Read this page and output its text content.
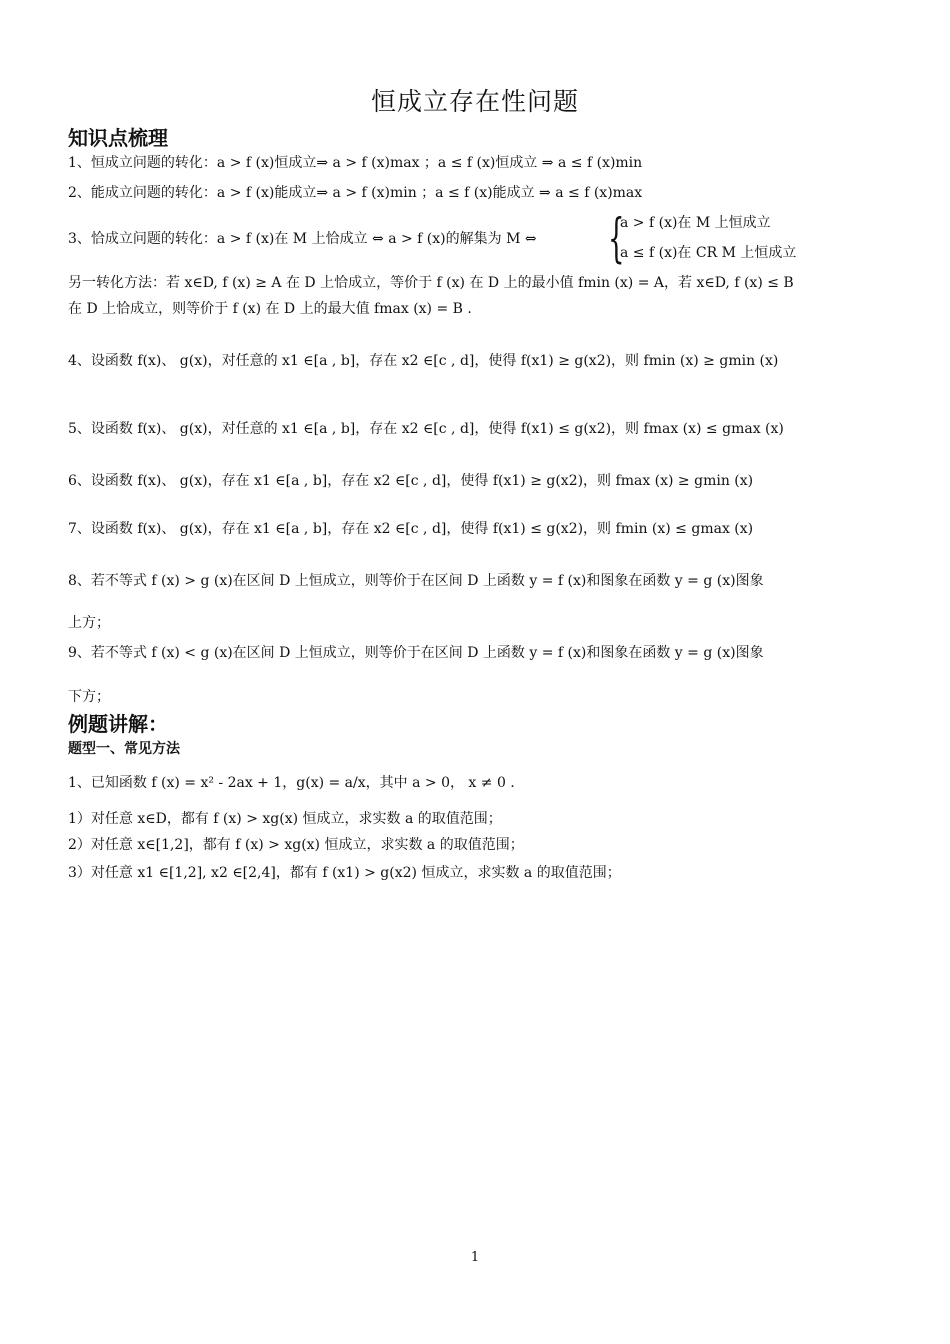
恒成立存在性问题
知识点梳理
1、恒成立问题的转化：a > f (x)恒成立⇒ a > f (x)max ；a ≤ f (x)恒成立 ⇒ a ≤ f (x)min
2、能成立问题的转化：a > f (x)能成立⇒ a > f (x)min ；a ≤ f (x)能成立 ⇒ a ≤ f (x)max
3、恰成立问题的转化：a > f (x)在 M 上恰成立 ⇔ a > f (x)的解集为 M ⇔	{
a > f (x)在 M 上恒成立
a ≤ f (x)在 CR M 上恒成立
另一转化方法：若 x∈D, f (x) ≥ A 在 D 上恰成立，等价于 f (x) 在 D 上的最小值 fmin (x) = A，若 x∈D, f (x) ≤ B
在 D 上恰成立，则等价于 f (x) 在 D 上的最大值 fmax (x) = B .
4、设函数 f(x)、 g(x)，对任意的 x1 ∈[a , b]，存在 x2 ∈[c , d]，使得 f(x1) ≥ g(x2)，则 fmin (x) ≥ gmin (x)
5、设函数 f(x)、 g(x)，对任意的 x1 ∈[a , b]，存在 x2 ∈[c , d]，使得 f(x1) ≤ g(x2)，则 fmax (x) ≤ gmax (x)
6、设函数 f(x)、 g(x)，存在 x1 ∈[a , b]，存在 x2 ∈[c , d]，使得 f(x1) ≥ g(x2)，则 fmax (x) ≥ gmin (x)
7、设函数 f(x)、 g(x)，存在 x1 ∈[a , b]，存在 x2 ∈[c , d]，使得 f(x1) ≤ g(x2)，则 fmin (x) ≤ gmax (x)
8、若不等式 f (x) > g (x)在区间 D 上恒成立，则等价于在区间 D 上函数 y = f (x)和图象在函数 y = g (x)图象
上方；
9、若不等式 f (x) < g (x)在区间 D 上恒成立，则等价于在区间 D 上函数 y = f (x)和图象在函数 y = g (x)图象
下方；
例题讲解：
题型一、常见方法
1、已知函数 f (x) = x² - 2ax + 1，g(x) = a/x，其中 a > 0， x ≠ 0 .
1）对任意 x∈D，都有 f (x) > xg(x) 恒成立，求实数 a 的取值范围；
2）对任意 x∈[1,2]，都有 f (x) > xg(x) 恒成立，求实数 a 的取值范围；
3）对任意 x1 ∈[1,2], x2 ∈[2,4]，都有 f (x1) > g(x2) 恒成立，求实数 a 的取值范围；
1
